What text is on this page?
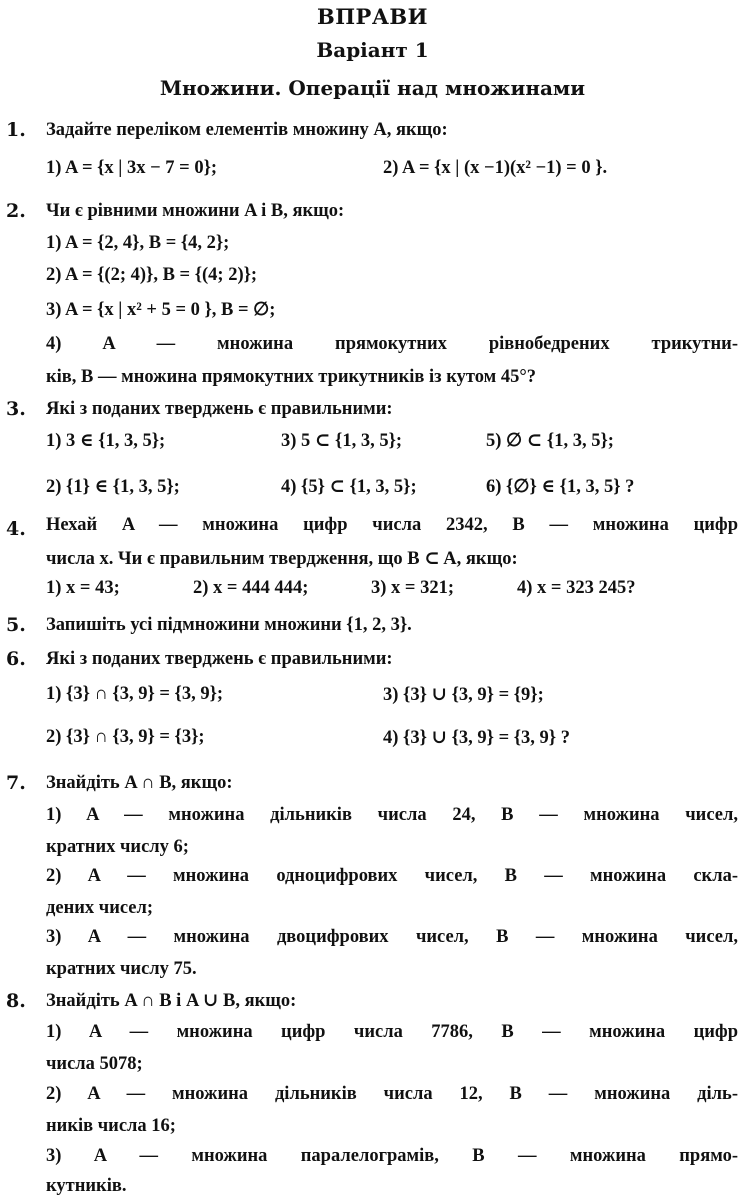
ВПРАВИ
Варіант 1
Множини. Операції над множинами
1. Задайте переліком елементів множину A, якщо:
1) A = {x | 3x − 7 = 0};	2) A = {x | (x −1)(x² −1) = 0 }.
2. Чи є рівними множини A і B, якщо:
1) A = {2, 4}, B = {4, 2};
2) A = {(2; 4)}, B = {(4; 2)};
3) A = {x | x² + 5 = 0 }, B = ∅;
4) A — множина прямокутних рівнобедрених трикутни-
ків, B — множина прямокутних трикутників із кутом 45°?
3. Які з поданих тверджень є правильними:
1) 3 ∈ {1, 3, 5};	3) 5 ⊂ {1, 3, 5};	5) ∅ ⊂ {1, 3, 5};
2) {1} ∈ {1, 3, 5};	4) {5} ⊂ {1, 3, 5};	6) {∅} ∈ {1, 3, 5} ?
4. Нехай A — множина цифр числа 2342, B — множина цифр
числа x. Чи є правильним твердження, що B ⊂ A, якщо:
1) x = 43;	2) x = 444 444;	3) x = 321;	4) x = 323 245?
5. Запишіть усі підмножини множини {1, 2, 3}.
6. Які з поданих тверджень є правильними:
1) {3} ∩ {3, 9} = {3, 9};	3) {3} ∪ {3, 9} = {9};
2) {3} ∩ {3, 9} = {3};	4) {3} ∪ {3, 9} = {3, 9} ?
7. Знайдіть A ∩ B, якщо:
1) A — множина дільників числа 24, B — множина чисел,
кратних числу 6;
2) A — множина одноцифрових чисел, B — множина скла-
дених чисел;
3) A — множина двоцифрових чисел, B — множина чисел,
кратних числу 75.
8. Знайдіть A ∩ B і A ∪ B, якщо:
1) A — множина цифр числа 7786, B — множина цифр
числа 5078;
2) A — множина дільників числа 12, B — множина діль-
ників числа 16;
3) A — множина паралелограмів, B — множина прямо-
кутників.
